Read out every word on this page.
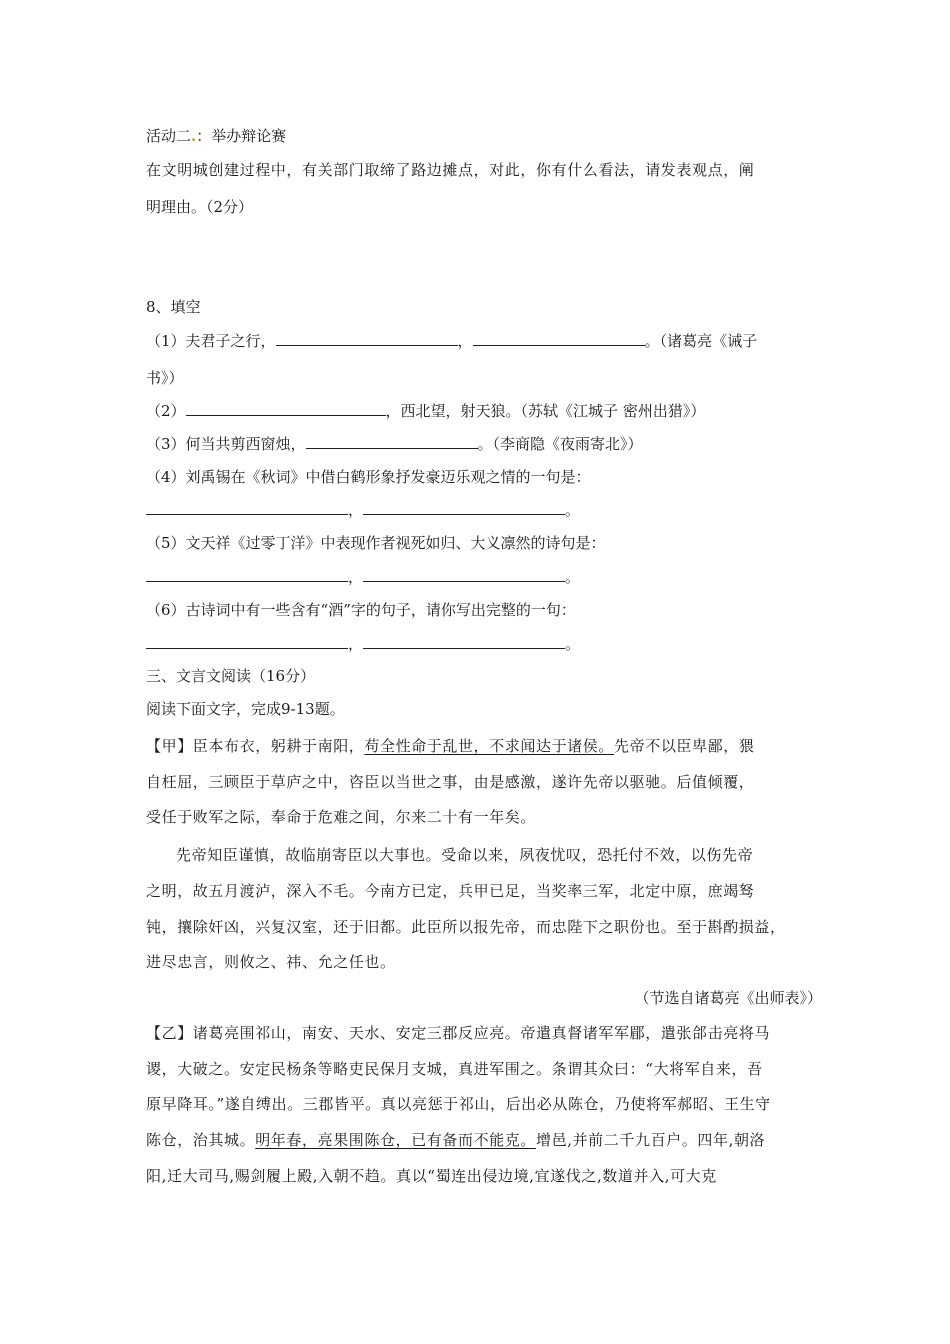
活动二.：举办辩论赛
在文明城创建过程中，有关部门取缔了路边摊点，对此，你有什么看法，请发表观点，阐
明理由。（2分）
8、填空
（1）夫君子之行，	，	。（诸葛亮《诫子
书》）
（2）	，西北望，射天狼。（苏轼《江城子 密州出猎》）
（3）何当共剪西窗烛，	。（李商隐《夜雨寄北》）
（4）刘禹锡在《秋词》中借白鹤形象抒发豪迈乐观之情的一句是：
，	。
（5）文天祥《过零丁洋》中表现作者视死如归、大义凛然的诗句是：
，	。
（6）古诗词中有一些含有“酒”字的句子，请你写出完整的一句：
，	。
三、文言文阅读（16分）
阅读下面文字，完成9-13题。
【甲】臣本布衣，躬耕于南阳，苟全性命于乱世，不求闻达于诸侯。先帝不以臣卑鄙，猥
自枉屈，三顾臣于草庐之中，咨臣以当世之事，由是感激，遂许先帝以驱驰。后值倾覆，
受任于败军之际，奉命于危难之间，尔来二十有一年矣。
先帝知臣谨慎，故临崩寄臣以大事也。受命以来，夙夜忧叹，恐托付不效，以伤先帝
之明，故五月渡泸，深入不毛。今南方已定，兵甲已足，当奖率三军，北定中原，庶竭驽
钝，攘除奸凶，兴复汉室，还于旧都。此臣所以报先帝，而忠陛下之职份也。至于斟酌损益，
进尽忠言，则攸之、祎、允之任也。
（节选自诸葛亮《出师表》）
【乙】诸葛亮围祁山，南安、天水、安定三郡反应亮。帝遣真督诸军军郿，遣张郃击亮将马
谡，大破之。安定民杨条等略吏民保月支城，真进军围之。条谓其众曰：“大将军自来，吾
原早降耳。”遂自缚出。三郡皆平。真以亮惩于祁山，后出必从陈仓，乃使将军郝昭、王生守
陈仓，治其城。明年春，亮果围陈仓，已有备而不能克。增邑,并前二千九百户。四年,朝洛
阳,迁大司马,赐剑履上殿,入朝不趋。真以“蜀连出侵边境,宜遂伐之,数道并入,可大克
